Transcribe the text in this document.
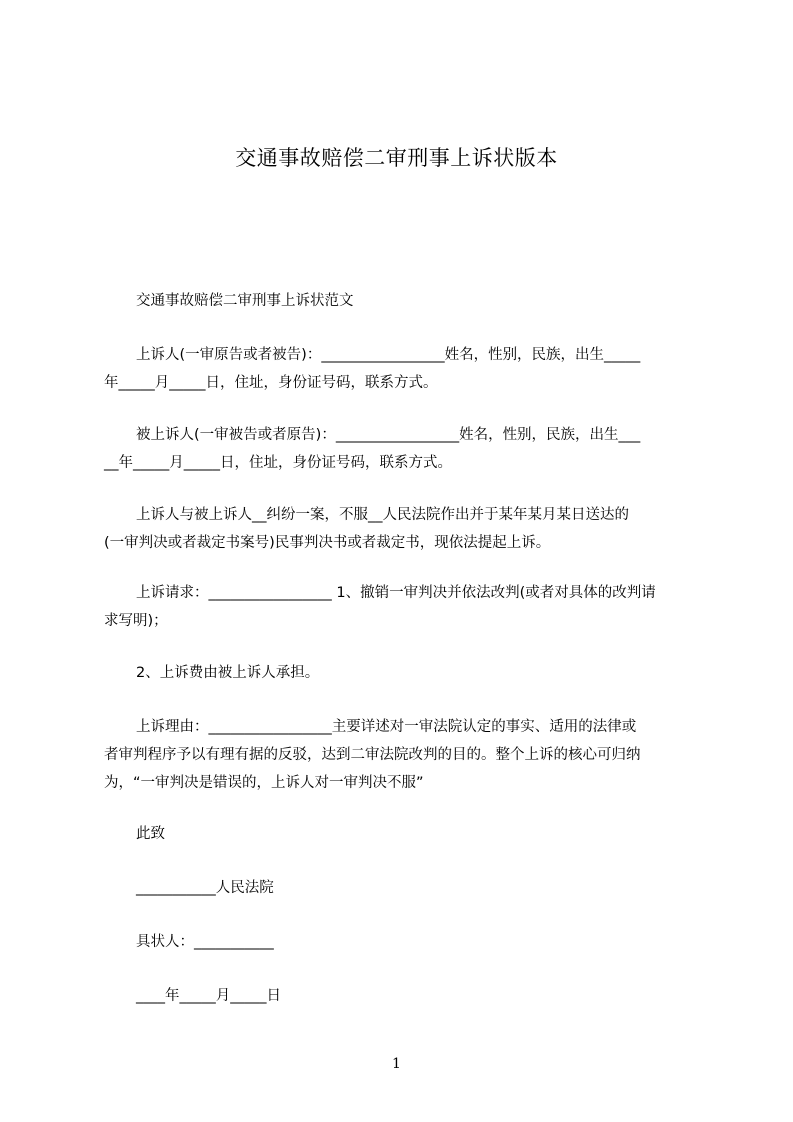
交通事故赔偿二审刑事上诉状版本
交通事故赔偿二审刑事上诉状范文
上诉人(一审原告或者被告)：_________________姓名，性别，民族，出生_____
年_____月_____日，住址，身份证号码，联系方式。
被上诉人(一审被告或者原告)：_________________姓名，性别，民族，出生___
__年_____月_____日，住址，身份证号码，联系方式。
上诉人与被上诉人__纠纷一案，不服__人民法院作出并于某年某月某日送达的
(一审判决或者裁定书案号)民事判决书或者裁定书，现依法提起上诉。
上诉请求：_________________ 1、撤销一审判决并依法改判(或者对具体的改判请
求写明)；
2、上诉费由被上诉人承担。
上诉理由：_________________主要详述对一审法院认定的事实、适用的法律或
者审判程序予以有理有据的反驳，达到二审法院改判的目的。整个上诉的核心可归纳
为，“一审判决是错误的，上诉人对一审判决不服”
此致
___________人民法院
具状人：___________
____年_____月_____日
1
